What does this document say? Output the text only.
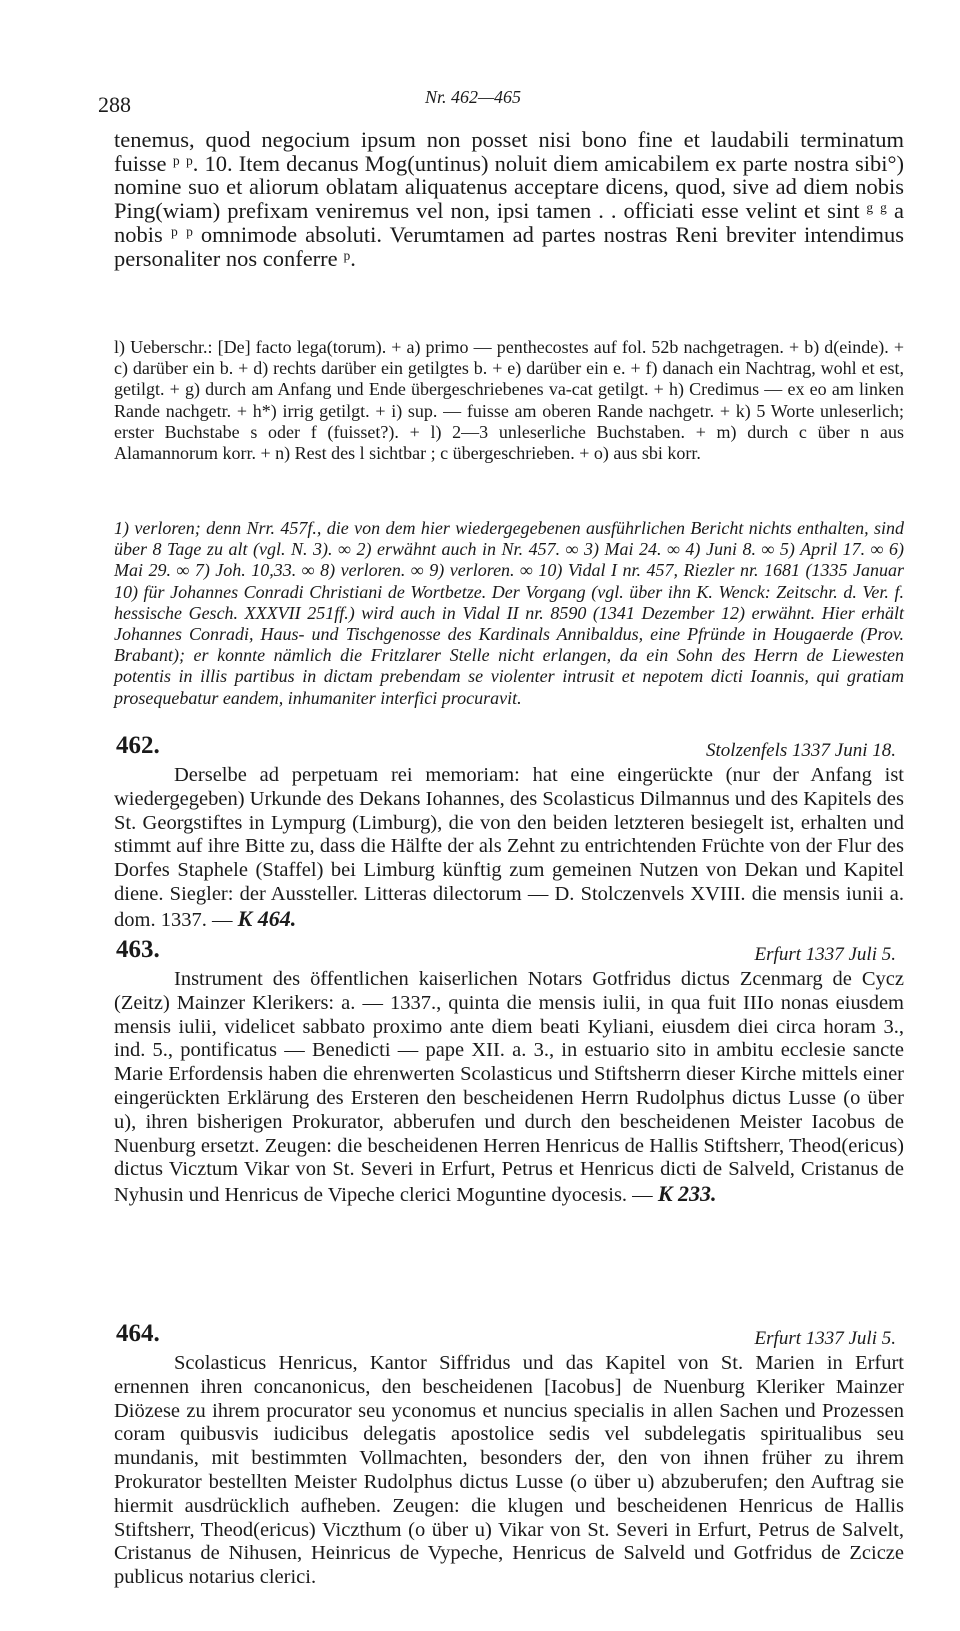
288	Nr. 462—465
tenemus, quod negocium ipsum non posset nisi bono fine et laudabili terminatum fuisse ᵖ ᵖ. 10. Item decanus Mog(untinus) noluit diem amicabilem ex parte nostra sibi°) nomine suo et aliorum oblatam aliquatenus acceptare dicens, quod, sive ad diem nobis Ping(wiam) prefixam veniremus vel non, ipsi tamen . . officiati esse velint et sint ᵍ ᵍ a nobis ᵖ ᵖ omnimode absoluti. Verumtamen ad partes nostras Reni breviter intendimus personaliter nos conferre ᵖ.
l) Ueberschr.: [De] facto lega(torum). + a) primo — penthecostes auf fol. 52b nachgetragen. + b) d(einde). + c) darüber ein b. + d) rechts darüber ein getilgtes b. + e) darüber ein e. + f) danach ein Nachtrag, wohl et est, getilgt. + g) durch am Anfang und Ende übergeschriebenes va-cat getilgt. + h) Credimus — ex eo am linken Rande nachgetr. + h*) irrig getilgt. + i) sup. — fuisse am oberen Rande nachgetr. + k) 5 Worte unleserlich; erster Buchstabe s oder f (fuisset?). + l) 2—3 unleserliche Buchstaben. + m) durch c über n aus Alamannorum korr. + n) Rest des l sichtbar ; c übergeschrieben. + o) aus sbi korr.
1) verloren; denn Nrr. 457f., die von dem hier wiedergegebenen ausführlichen Bericht nichts enthalten, sind über 8 Tage zu alt (vgl. N. 3). ∞ 2) erwähnt auch in Nr. 457. ∞ 3) Mai 24. ∞ 4) Juni 8. ∞ 5) April 17. ∞ 6) Mai 29. ∞ 7) Joh. 10,33. ∞ 8) verloren. ∞ 9) verloren. ∞ 10) Vidal I nr. 457, Riezler nr. 1681 (1335 Januar 10) für Johannes Conradi Christiani de Wortbetze. Der Vorgang (vgl. über ihn K. Wenck: Zeitschr. d. Ver. f. hessische Gesch. XXXVII 251ff.) wird auch in Vidal II nr. 8590 (1341 Dezember 12) erwähnt. Hier erhält Johannes Conradi, Haus- und Tischgenosse des Kardinals Annibaldus, eine Pfründe in Hougaerde (Prov. Brabant); er konnte nämlich die Fritzlarer Stelle nicht erlangen, da ein Sohn des Herrn de Liewesten potentis in illis partibus in dictam prebendam se violenter intrusit et nepotem dicti Ioannis, qui gratiam prosequebatur eandem, inhumaniter interfici procuravit.
462.	Stolzenfels 1337 Juni 18.
Derselbe ad perpetuam rei memoriam: hat eine eingerückte (nur der Anfang ist wiedergegeben) Urkunde des Dekans Iohannes, des Scolasticus Dilmannus und des Kapitels des St. Georgstiftes in Lympurg (Limburg), die von den beiden letzteren besiegelt ist, erhalten und stimmt auf ihre Bitte zu, dass die Hälfte der als Zehnt zu entrichtenden Früchte von der Flur des Dorfes Staphele (Staffel) bei Limburg künftig zum gemeinen Nutzen von Dekan und Kapitel diene. Siegler: der Aussteller. Litteras dilectorum — D. Stolczenvels XVIII. die mensis iunii a. dom. 1337. — K 464.
463.	Erfurt 1337 Juli 5.
Instrument des öffentlichen kaiserlichen Notars Gotfridus dictus Zcenmarg de Cycz (Zeitz) Mainzer Klerikers: a. — 1337., quinta die mensis iulii, in qua fuit IIIo nonas eiusdem mensis iulii, videlicet sabbato proximo ante diem beati Kyliani, eiusdem diei circa horam 3., ind. 5., pontificatus — Benedicti — pape XII. a. 3., in estuario sito in ambitu ecclesie sancte Marie Erfordensis haben die ehrenwerten Scolasticus und Stiftsherrn dieser Kirche mittels einer eingerückten Erklärung des Ersteren den bescheidenen Herrn Rudolphus dictus Lusse (o über u), ihren bisherigen Prokurator, abberufen und durch den bescheidenen Meister Iacobus de Nuenburg ersetzt. Zeugen: die bescheidenen Herren Henricus de Hallis Stiftsherr, Theod(ericus) dictus Vicztum Vikar von St. Severi in Erfurt, Petrus et Henricus dicti de Salveld, Cristanus de Nyhusin und Henricus de Vipeche clerici Moguntine dyocesis. — K 233.
464.	Erfurt 1337 Juli 5.
Scolasticus Henricus, Kantor Siffridus und das Kapitel von St. Marien in Erfurt ernennen ihren concanonicus, den bescheidenen [Iacobus] de Nuenburg Kleriker Mainzer Diözese zu ihrem procurator seu yconomus et nuncius specialis in allen Sachen und Prozessen coram quibusvis iudicibus delegatis apostolice sedis vel subdelegatis spiritualibus seu mundanis, mit bestimmten Vollmachten, besonders der, den von ihnen früher zu ihrem Prokurator bestellten Meister Rudolphus dictus Lusse (o über u) abzuberufen; den Auftrag sie hiermit ausdrücklich aufheben. Zeugen: die klugen und bescheidenen Henricus de Hallis Stiftsherr, Theod(ericus) Viczthum (o über u) Vikar von St. Severi in Erfurt, Petrus de Salvelt, Cristanus de Nihusen, Heinricus de Vypeche, Henricus de Salveld und Gotfridus de Zcicze publicus notarius clerici.
